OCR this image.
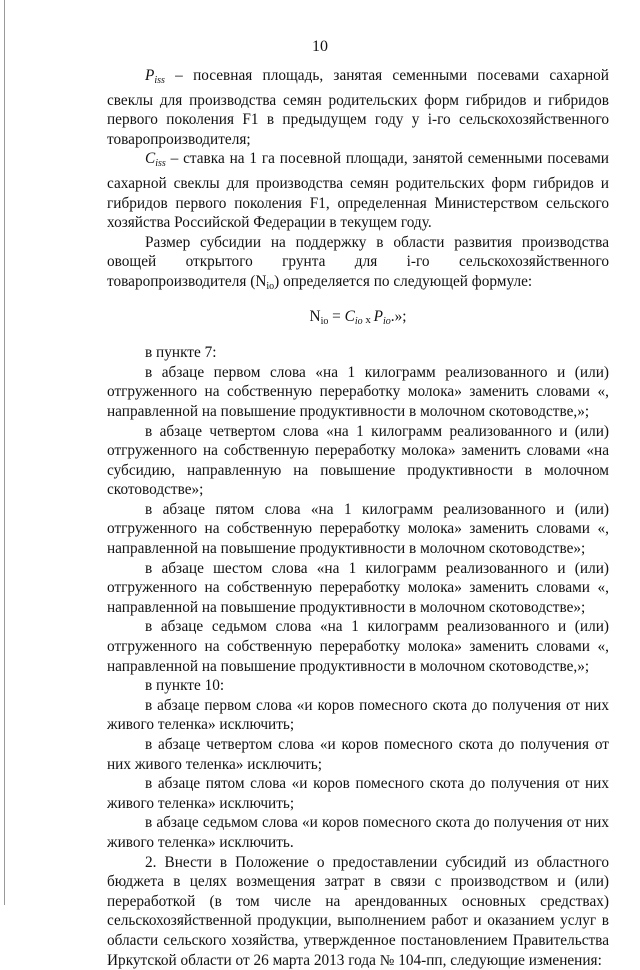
10

$P_{iss}$ – посевная площадь, занятая семенными посевами сахарной свеклы для производства семян родительских форм гибридов и гибридов первого поколения F1 в предыдущем году у i-го сельскохозяйственного товаропроизводителя;

$C_{iss}$ – ставка на 1 га посевной площади, занятой семенными посевами сахарной свеклы для производства семян родительских форм гибридов и гибридов первого поколения F1, определенная Министерством сельского хозяйства Российской Федерации в текущем году.

Размер субсидии на поддержку в области развития производства овощей открытого грунта для i-го сельскохозяйственного товаропроизводителя (Nio) определяется по следующей формуле:

Nio = $C_{io}$ x $P_{io}$.»;

в пункте 7:

в абзаце первом слова «на 1 килограмм реализованного и (или) отгруженного на собственную переработку молока» заменить словами «, направленной на повышение продуктивности в молочном скотоводстве,»;

в абзаце четвертом слова «на 1 килограмм реализованного и (или) отгруженного на собственную переработку молока» заменить словами «на субсидию, направленную на повышение продуктивности в молочном скотоводстве»;

в абзаце пятом слова «на 1 килограмм реализованного и (или) отгруженного на собственную переработку молока» заменить словами «, направленной на повышение продуктивности в молочном скотоводстве»;

в абзаце шестом слова «на 1 килограмм реализованного и (или) отгруженного на собственную переработку молока» заменить словами «, направленной на повышение продуктивности в молочном скотоводстве»;

в абзаце седьмом слова «на 1 килограмм реализованного и (или) отгруженного на собственную переработку молока» заменить словами «, направленной на повышение продуктивности в молочном скотоводстве,»;

в пункте 10:

в абзаце первом слова «и коров помесного скота до получения от них живого теленка» исключить;

в абзаце четвертом слова «и коров помесного скота до получения от них живого теленка» исключить;

в абзаце пятом слова «и коров помесного скота до получения от них живого теленка» исключить;

в абзаце седьмом слова «и коров помесного скота до получения от них живого теленка» исключить.

2. Внести в Положение о предоставлении субсидий из областного бюджета в целях возмещения затрат в связи с производством и (или) переработкой (в том числе на арендованных основных средствах) сельскохозяйственной продукции, выполнением работ и оказанием услуг в области сельского хозяйства, утвержденное постановлением Правительства Иркутской области от 26 марта 2013 года № 104-пп, следующие изменения:
